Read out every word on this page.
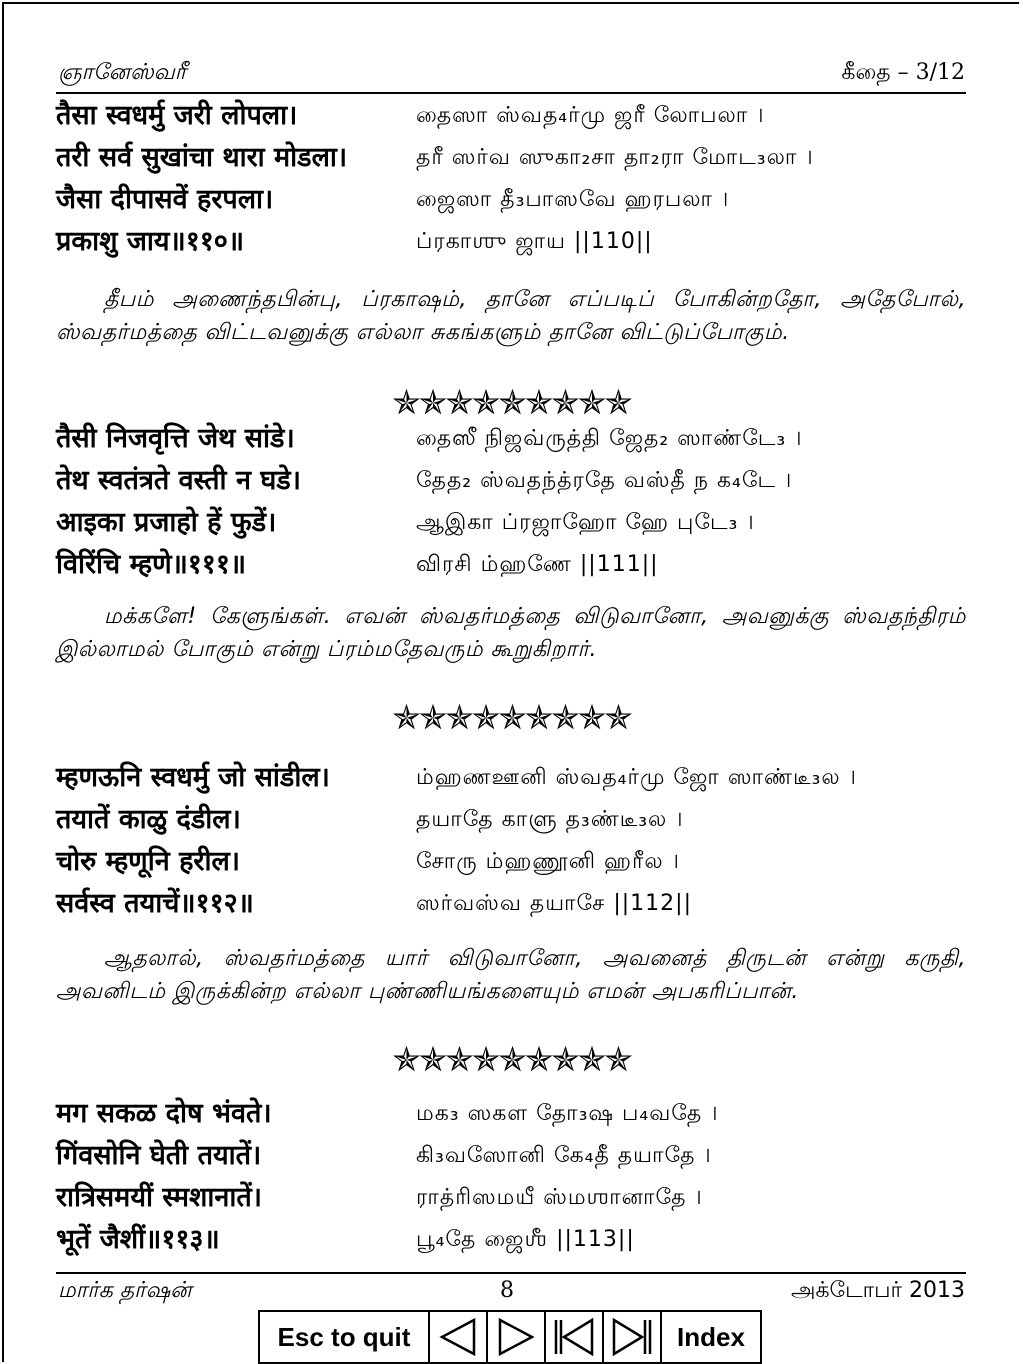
ஞானேஸ்வரீ	கீதை – 3/12
तैसा स्वधर्मु जरी लोपला।	தைஸா ஸ்வத₄ர்மு ஜரீ லோபலா ।
तरी सर्व सुखांचा थारा मोडला।	தரீ ஸர்வ ஸுகா₂சா தா₂ரா மோட₃லா ।
जैसा दीपासवें हरपला।	ஜைஸா தீ₃பாஸவே ஹரபலா ।
प्रकाशु जाय॥११०॥	ப்ரகாஶு ஜாய ||110||
தீபம் அணைந்தபின்பு, ப்ரகாஷம், தானே எப்படிப் போகின்றதோ, அதேபோல், ஸ்வதர்மத்தை விட்டவனுக்கு எல்லா சுகங்களும் தானே விட்டுப்போகும்.
✯✯✯✯✯✯✯✯✯
तैसी निजवृत्ति जेथ सांडे।	தைஸீ நிஜவ்ருத்தி ஜேத₂ ஸாண்டே₃ ।
तेथ स्वतंत्रते वस्ती न घडे।	தேத₂ ஸ்வதந்த்ரதே வஸ்தீ ந க₄டே ।
आइका प्रजाहो हें फुडें।	ஆஇகா ப்ரஜாஹோ ஹே புடே₃ ।
विरिंचि म्हणे॥१११॥	விரசி ம்ஹணே ||111||
மக்களே! கேளுங்கள். எவன் ஸ்வதர்மத்தை விடுவானோ, அவனுக்கு ஸ்வதந்திரம் இல்லாமல் போகும் என்று ப்ரம்மதேவரும் கூறுகிறார்.
✯✯✯✯✯✯✯✯✯
म्हणऊनि स्वधर्मु जो सांडील।	ம்ஹணஊனி ஸ்வத₄ர்மு ஜோ ஸாண்டீ₃ல ।
तयातें काळु दंडील।	தயாதே காளு த₃ண்டீ₃ல ।
चोरु म्हणूनि हरील।	சோரு ம்ஹணூனி ஹரீல ।
सर्वस्व तयाचें॥११२॥	ஸர்வஸ்வ தயாசே ||112||
ஆதலால், ஸ்வதர்மத்தை யார் விடுவானோ, அவனைத் திருடன் என்று கருதி, அவனிடம் இருக்கின்ற எல்லா புண்ணியங்களையும் எமன் அபகரிப்பான்.
✯✯✯✯✯✯✯✯✯
मग सकळ दोष भंवते।	மக₃ ஸகள தோ₃ஷ ப₄வதே ।
गिंवसोनि घेती तयातें।	கி₃வஸோனி கே₄தீ தயாதே ।
रात्रिसमयीं स्मशानातें।	ராத்ரிஸமயீ ஸ்மஶானாதே ।
भूतें जैशीं॥११३॥	பூ₄தே ஜைஶீ ||113||
மார்க தர்ஷன்	8	அக்டோபர் 2013
Esc to quit	Index
